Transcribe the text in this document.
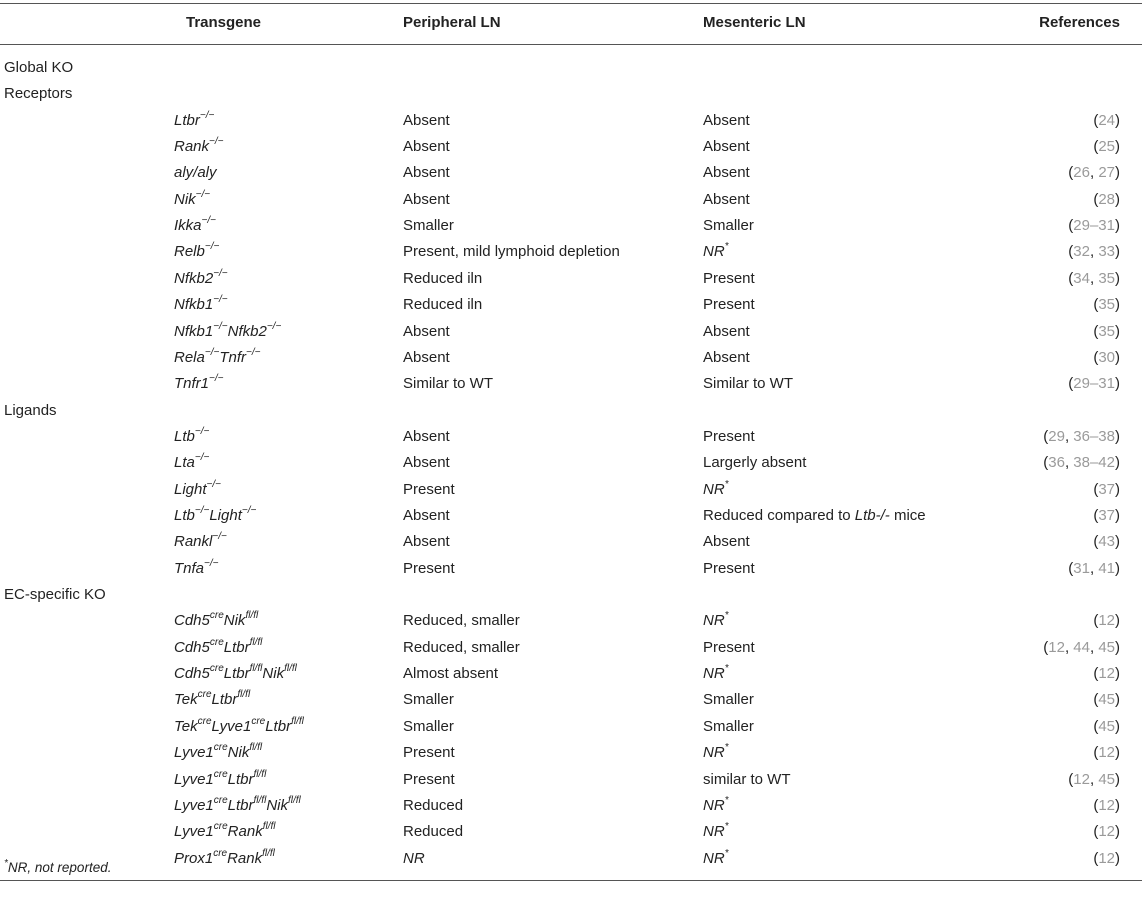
Transgene	Peripheral LN	Mesenteric LN	References
Global KO
Receptors
Ltbr−/−	Absent	Absent	(24)
Rank−/−	Absent	Absent	(25)
aly/aly	Absent	Absent	(26, 27)
Nik−/−	Absent	Absent	(28)
Ikka−/−	Smaller	Smaller	(29–31)
Relb−/−	Present, mild lymphoid depletion	NR*	(32, 33)
Nfkb2−/−	Reduced iln	Present	(34, 35)
Nfkb1−/−	Reduced iln	Present	(35)
Nfkb1−/−Nfkb2−/−	Absent	Absent	(35)
Rela−/−Tnfr−/−	Absent	Absent	(30)
Tnfr1−/−	Similar to WT	Similar to WT	(29–31)
Ligands
Ltb−/−	Absent	Present	(29, 36–38)
Lta−/−	Absent	Largerly absent	(36, 38–42)
Light−/−	Present	NR*	(37)
Ltb−/−Light−/−	Absent	Reduced compared to Ltb-/- mice	(37)
Rankl−/−	Absent	Absent	(43)
Tnfa−/−	Present	Present	(31, 41)
EC-specific KO
$Cdh5^{cre}Nik^{fl/fl}$	Reduced, smaller	NR*	(12)
$Cdh5^{cre}Ltbr^{fl/fl}$	Reduced, smaller	Present	(12, 44, 45)
$Cdh5^{cre}Ltbr^{fl/fl}Nik^{fl/fl}$	Almost absent	NR*	(12)
Tek$^{cre}$Ltbr$^{fl/fl}$	Smaller	Smaller	(45)
$Tek^{cre}Lyve1^{cre}Ltbr^{fl/fl}$	Smaller	Smaller	(45)
$Lyve1^{cre}Nik^{fl/fl}$	Present	NR*	(12)
$Lyve1^{cre}Ltbr^{fl/fl}$	Present	similar to WT	(12, 45)
$Lyve1^{cre}Ltbr^{fl/fl}Nik^{fl/fl}$	Reduced	NR*	(12)
$Lyve1^{cre}Rank^{fl/fl}$	Reduced	NR*	(12)
$Prox1^{cre}Rank^{fl/fl}$	NR	NR*	(12)
*NR, not reported.
